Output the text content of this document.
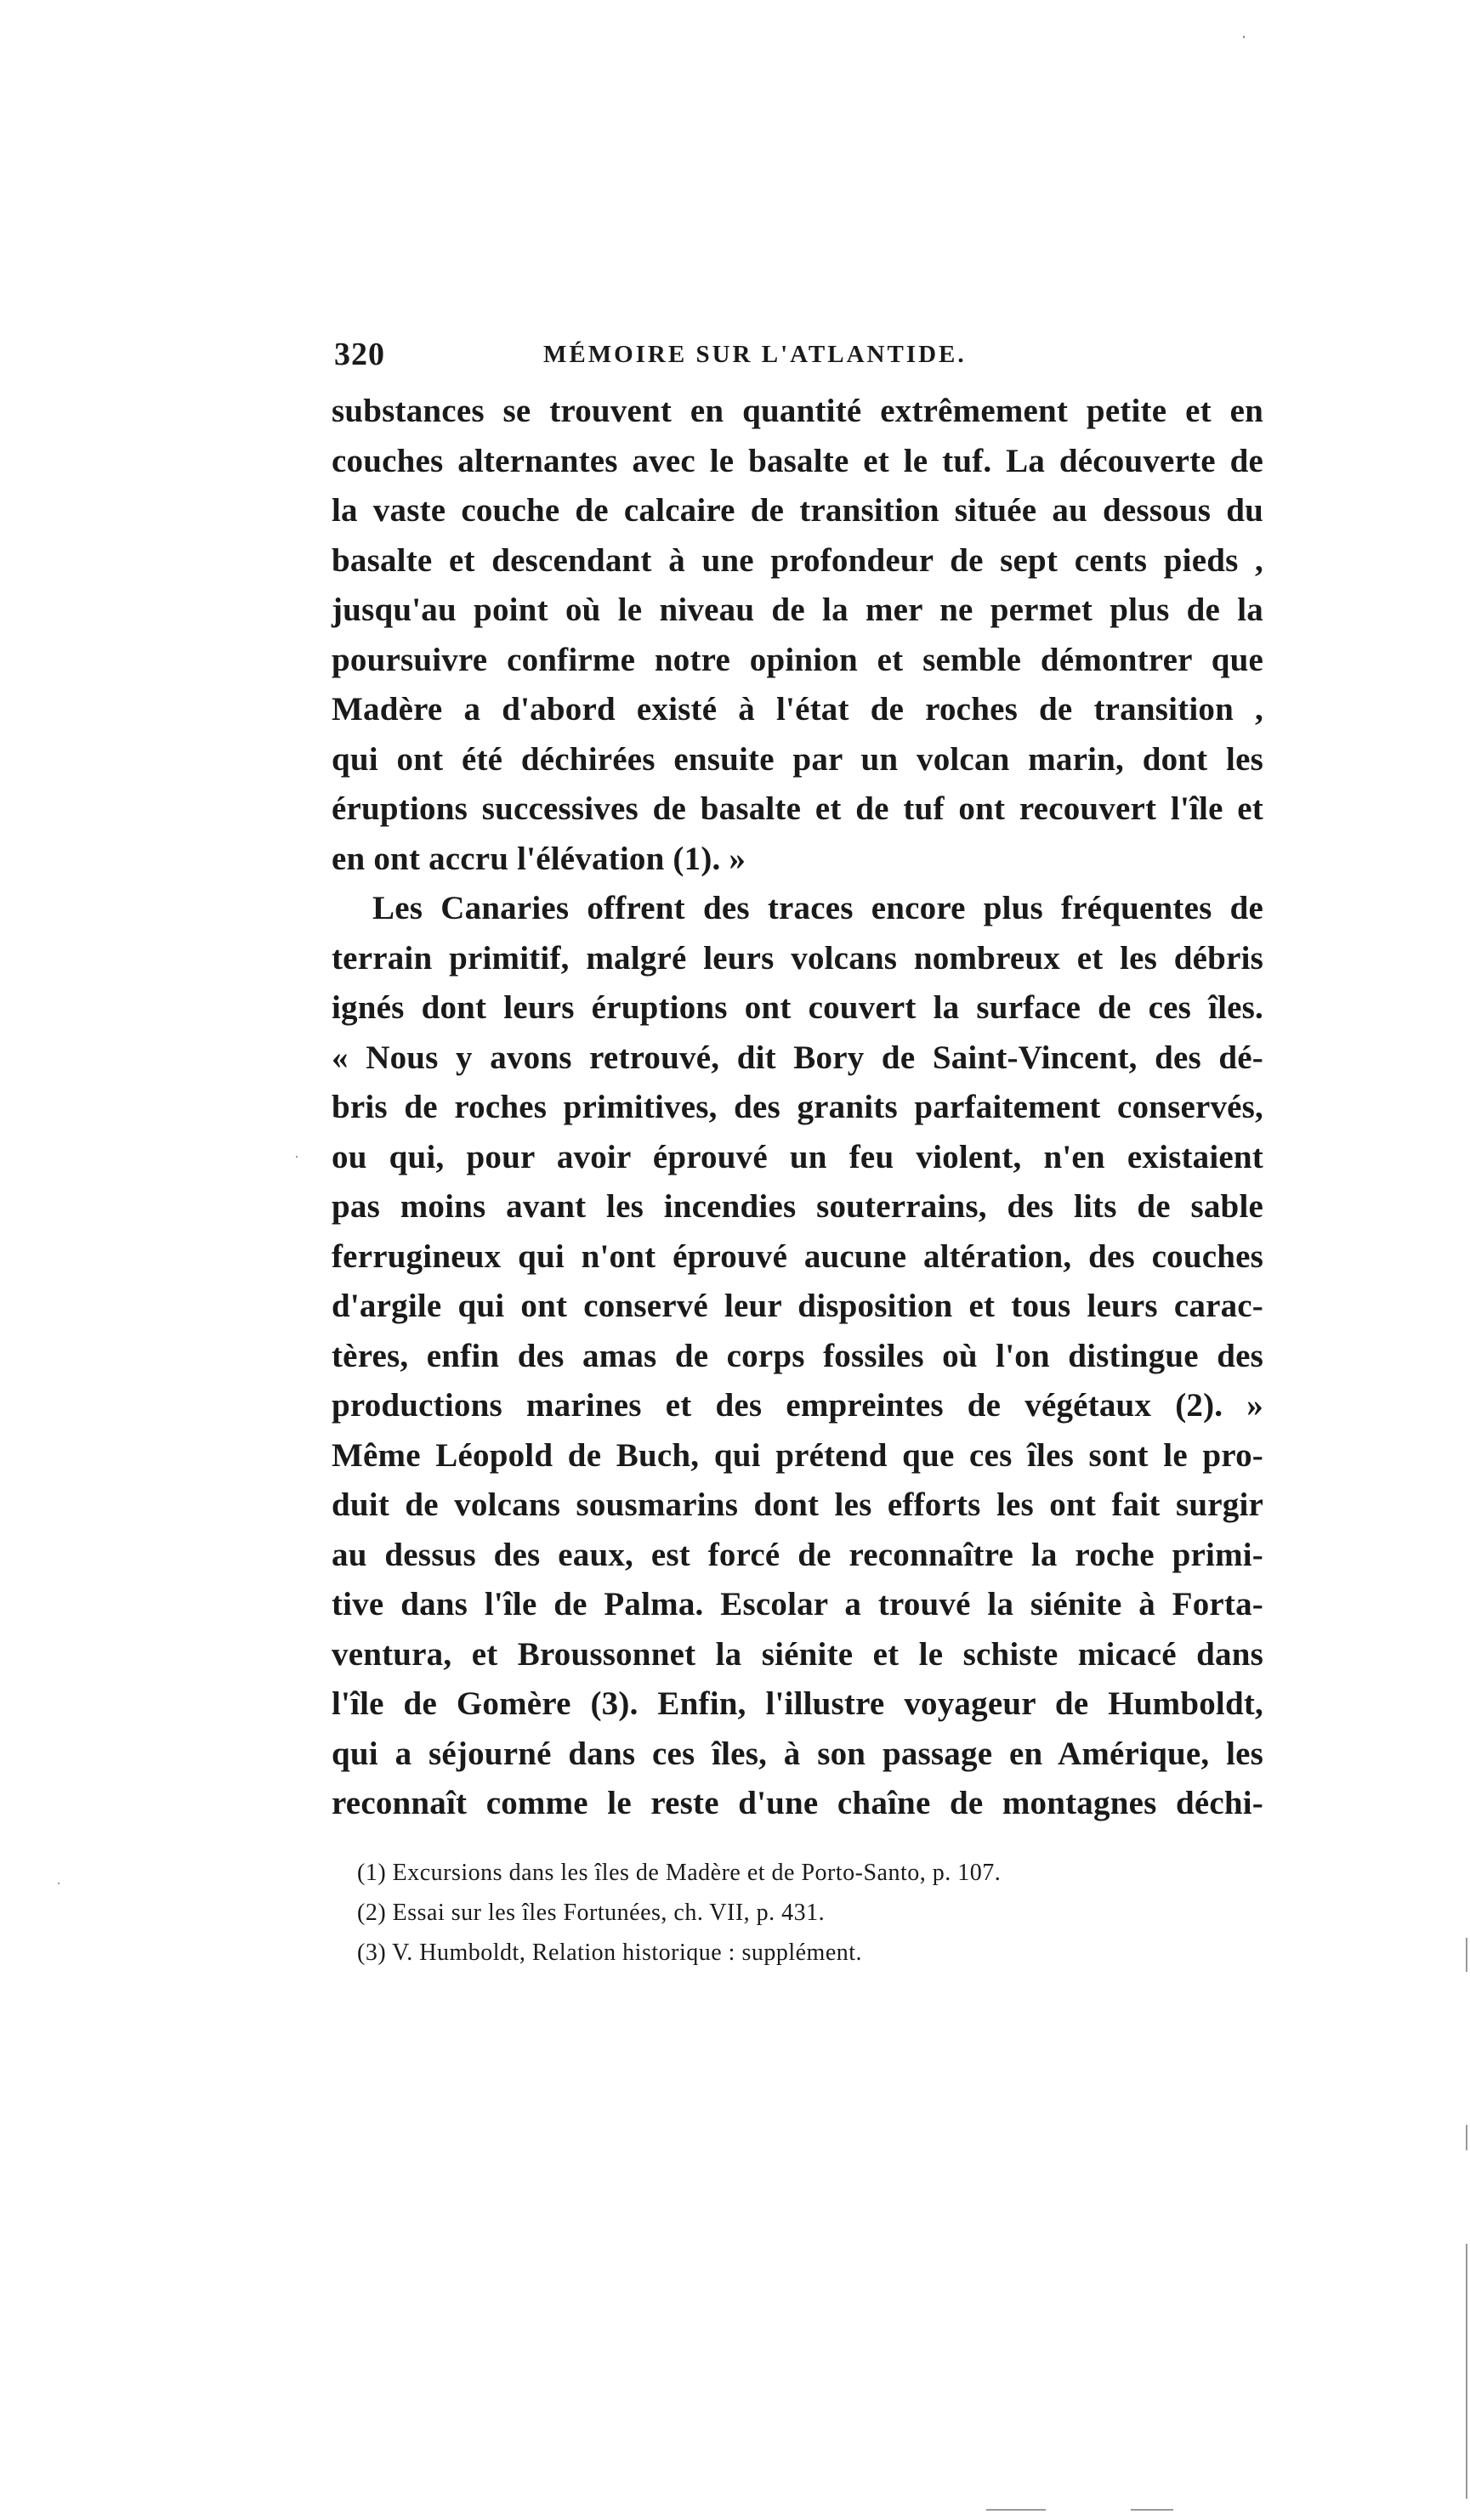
320	MÉMOIRE SUR L'ATLANTIDE.
substances se trouvent en quantité extrêmement petite et en
couches alternantes avec le basalte et le tuf. La découverte de
la vaste couche de calcaire de transition située au dessous du
basalte et descendant à une profondeur de sept cents pieds ,
jusqu'au point où le niveau de la mer ne permet plus de la
poursuivre confirme notre opinion et semble démontrer que
Madère a d'abord existé à l'état de roches de transition ,
qui ont été déchirées ensuite par un volcan marin, dont les
éruptions successives de basalte et de tuf ont recouvert l'île et
en ont accru l'élévation (1). »
Les Canaries offrent des traces encore plus fréquentes de
terrain primitif, malgré leurs volcans nombreux et les débris
ignés dont leurs éruptions ont couvert la surface de ces îles.
« Nous y avons retrouvé, dit Bory de Saint-Vincent, des dé-
bris de roches primitives, des granits parfaitement conservés,
ou qui, pour avoir éprouvé un feu violent, n'en existaient
pas moins avant les incendies souterrains, des lits de sable
ferrugineux qui n'ont éprouvé aucune altération, des couches
d'argile qui ont conservé leur disposition et tous leurs carac-
tères, enfin des amas de corps fossiles où l'on distingue des
productions marines et des empreintes de végétaux (2). »
Même Léopold de Buch, qui prétend que ces îles sont le pro-
duit de volcans sousmarins dont les efforts les ont fait surgir
au dessus des eaux, est forcé de reconnaître la roche primi-
tive dans l'île de Palma. Escolar a trouvé la siénite à Forta-
ventura, et Broussonnet la siénite et le schiste micacé dans
l'île de Gomère (3). Enfin, l'illustre voyageur de Humboldt,
qui a séjourné dans ces îles, à son passage en Amérique, les
reconnaît comme le reste d'une chaîne de montagnes déchi-
(1) Excursions dans les îles de Madère et de Porto-Santo, p. 107.
(2) Essai sur les îles Fortunées, ch. VII, p. 431.
(3) V. Humboldt, Relation historique : supplément.
